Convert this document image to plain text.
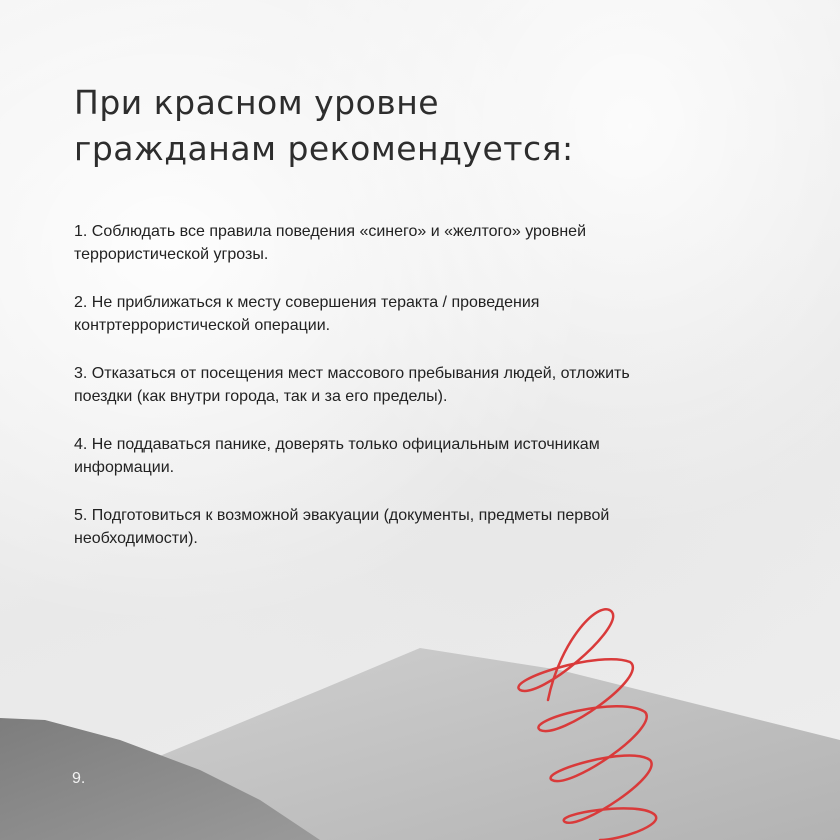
При красном уровне
гражданам рекомендуется:
1. Соблюдать все правила поведения «синего» и «желтого» уровней
террористической угрозы.
2. Не приближаться к месту совершения теракта / проведения
контртеррористической операции.
3. Отказаться от посещения мест массового пребывания людей, отложить
поездки (как внутри города, так и за его пределы).
4. Не поддаваться панике, доверять только официальным источникам
информации.
5. Подготовиться к возможной эвакуации (документы, предметы первой
необходимости).
9.
